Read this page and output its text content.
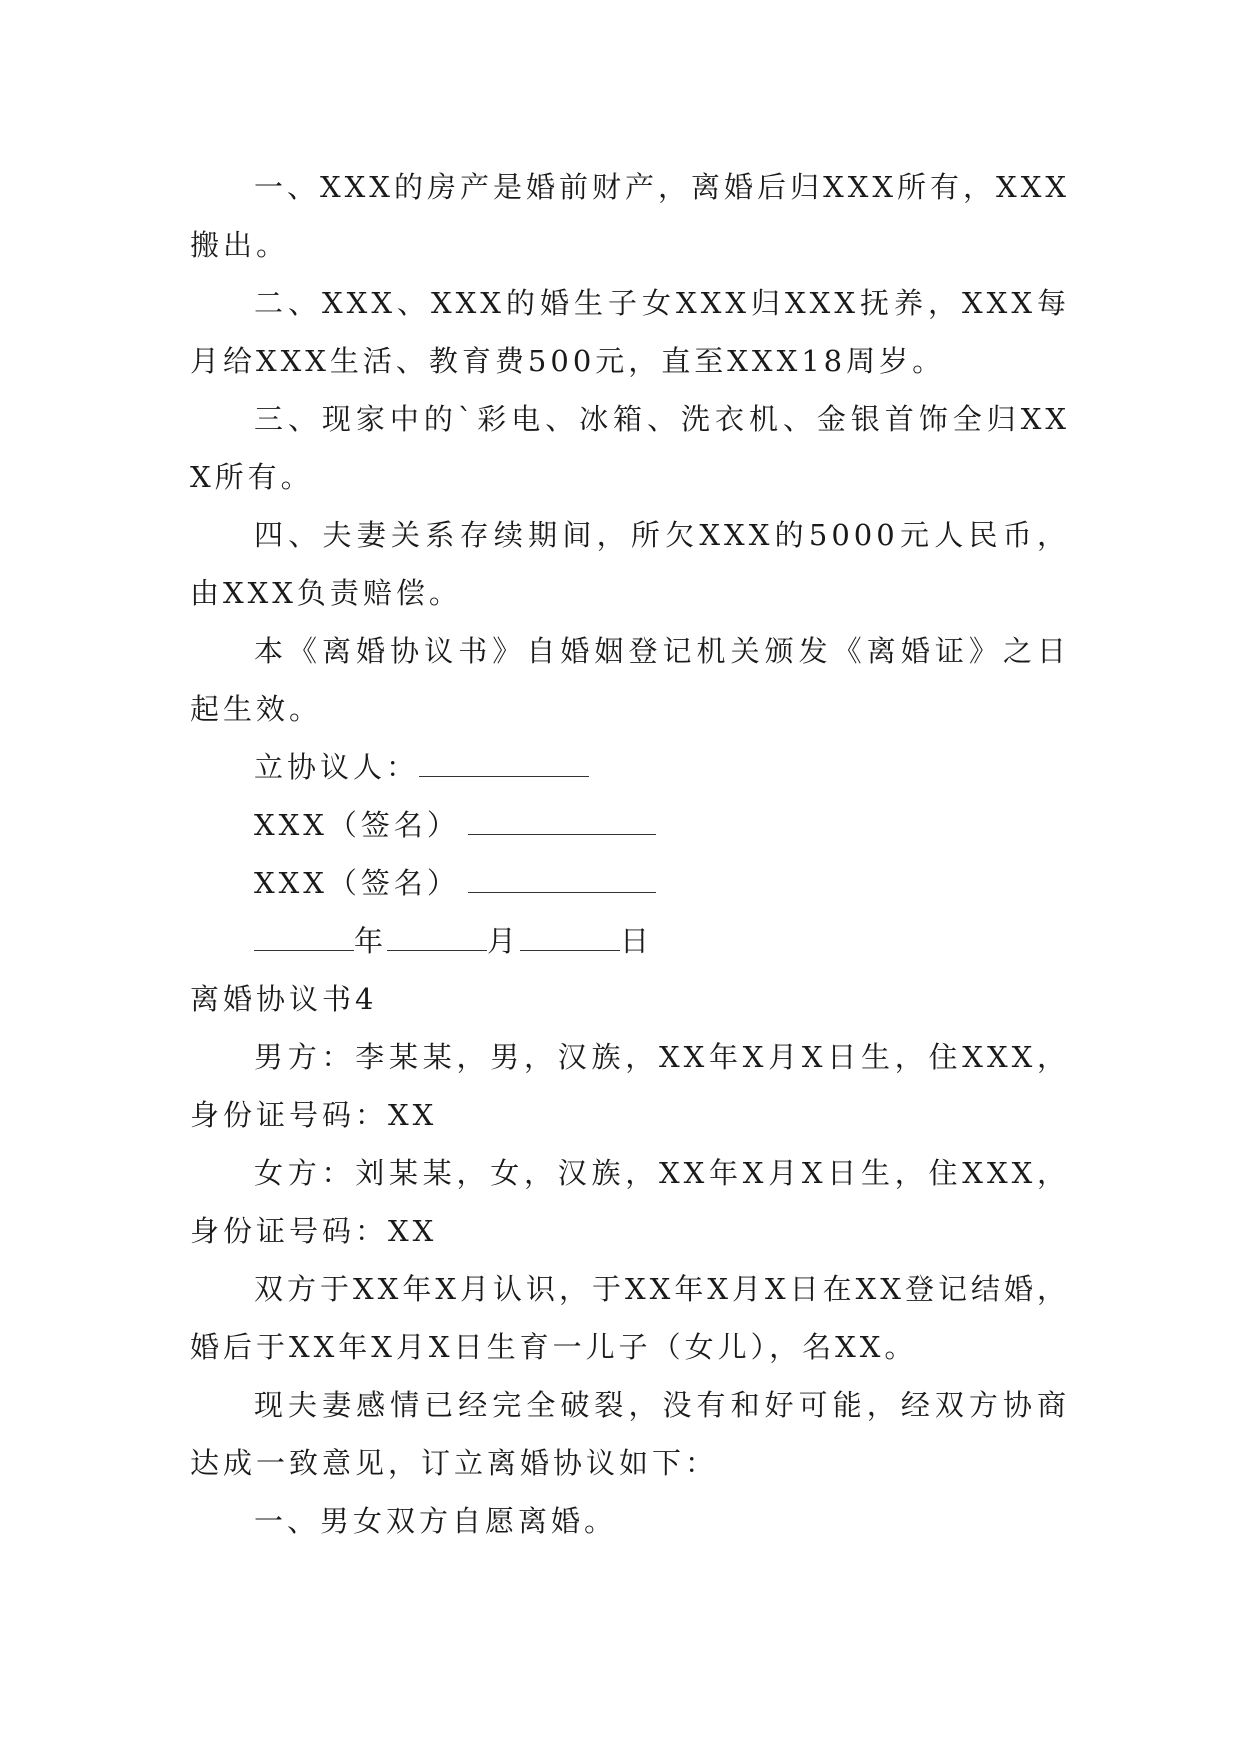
一、XXX的房产是婚前财产，离婚后归XXX所有，XXX搬出。

二、XXX、XXX的婚生子女XXX归XXX抚养，XXX每月给XXX生活、教育费500元，直至XXX18周岁。

三、现家中的`彩电、冰箱、洗衣机、金银首饰全归XXX所有。

四、夫妻关系存续期间，所欠XXX的5000元人民币，由XXX负责赔偿。

本《离婚协议书》自婚姻登记机关颁发《离婚证》之日起生效。

立协议人：

XXX（签名）

XXX（签名）

年	月	日

离婚协议书4

男方：李某某，男，汉族，XX年X月X日生，住XXX，身份证号码：XX

女方：刘某某，女，汉族，XX年X月X日生，住XXX，身份证号码：XX

双方于XX年X月认识，于XX年X月X日在XX登记结婚，婚后于XX年X月X日生育一儿子（女儿），名XX。

现夫妻感情已经完全破裂，没有和好可能，经双方协商达成一致意见，订立离婚协议如下：

一、男女双方自愿离婚。
